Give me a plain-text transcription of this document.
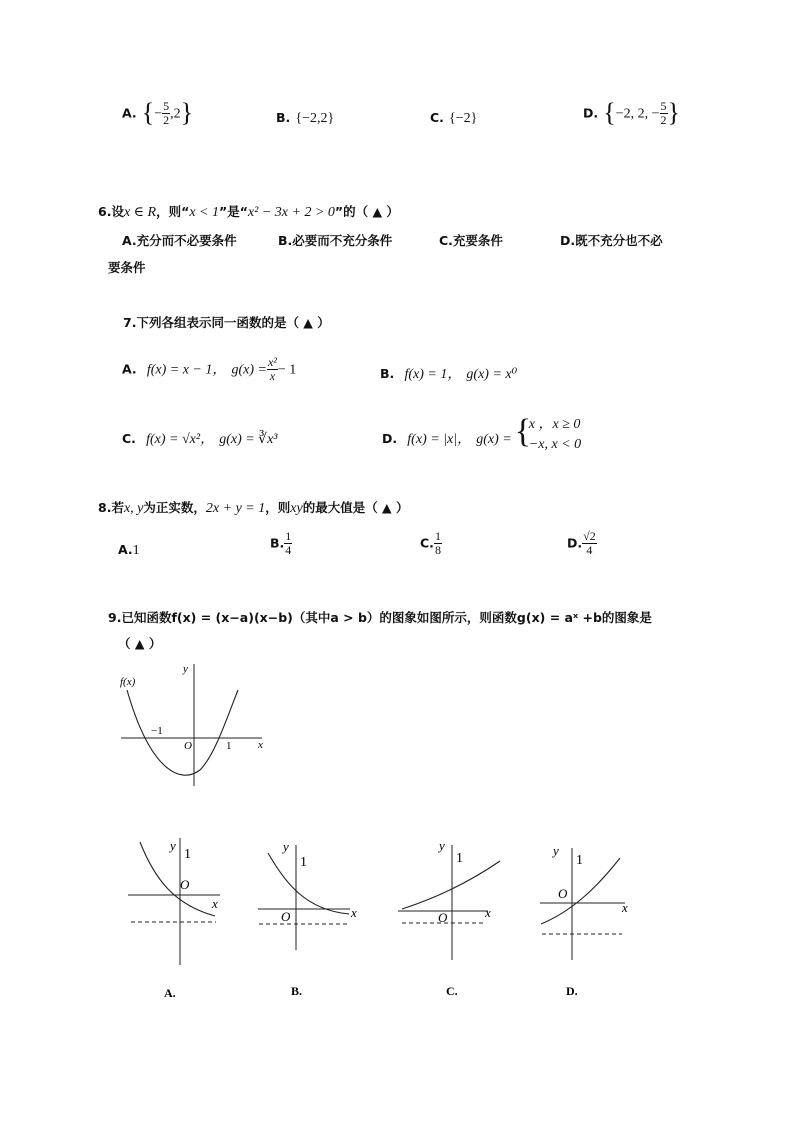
A. {− $\frac{5}{2} ,2$}	B. {−2,2}	C. {−2}	D. {−2, 2, − $\frac{5}{2}$ }
6.设x ∈ R，则“x < 1”是“x² − 3x + 2 > 0”的（ ▲ ）
A.充分而不必要条件	B.必要而不充分条件	C.充要条件	D.既不充分也不必
要条件
7.下列各组表示同一函数的是（ ▲ ）
A. f(x) = x − 1， $g(x) = \frac{\text{x²}}{x} - 1$	B. f(x) = 1， g(x) = x⁰
C. f(x) = √x²， g(x) = ∛x³	$_{D.}$ f(x) = |x|， g(x) = {
x ，x ≥ 0
−x, x < 0
8.若x, y为正实数，2x + y = 1，则xy的最大值是（ ▲ ）
A.1	B. $\frac{1}{4}$	C. $\frac{1}{8}$	D. $\frac{√2}{4}$
9.已知函数f(x) = (x−a)(x−b)（其中a > b）的图象如图所示，则函数g(x) = aˣ +b的图象是
（ ▲ ）
f(x)
y
x
O
−1
1
y
1
O
x
A.
y
1
O	x
B.
y
1
O	x
C.
y
1
O
x
D.
